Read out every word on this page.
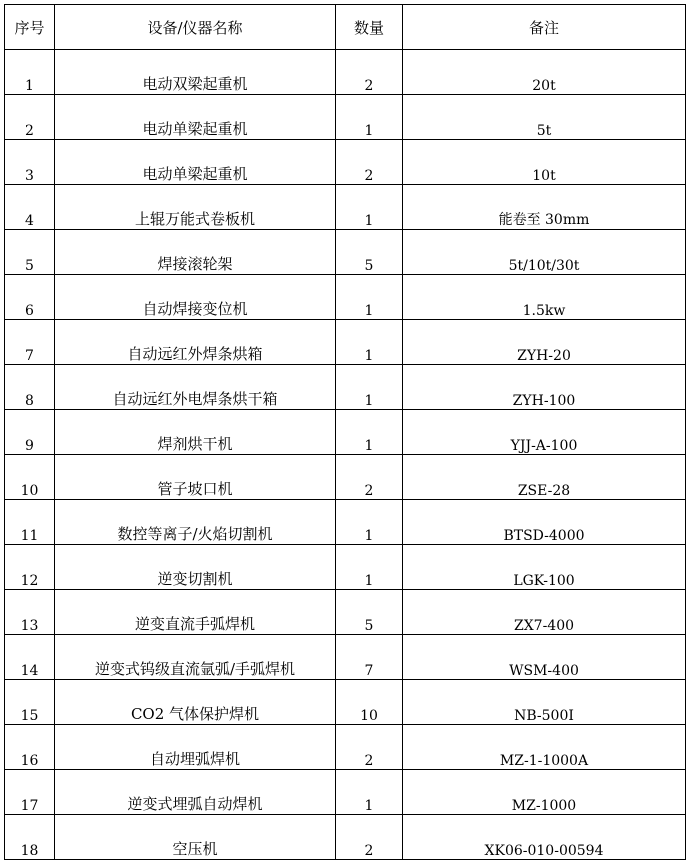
序号	设备/仪器名称	数量	备注
1	电动双梁起重机	2	20t
2	电动单梁起重机	1	5t
3	电动单梁起重机	2	10t
4	上辊万能式卷板机	1	能卷至 30mm
5	焊接滚轮架	5	5t/10t/30t
6	自动焊接变位机	1	1.5kw
7	自动远红外焊条烘箱	1	ZYH-20
8	自动远红外电焊条烘干箱	1	ZYH-100
9	焊剂烘干机	1	YJJ-A-100
10	管子坡口机	2	ZSE-28
11	数控等离子/火焰切割机	1	BTSD-4000
12	逆变切割机	1	LGK-100
13	逆变直流手弧焊机	5	ZX7-400
14	逆变式钨级直流氩弧/手弧焊机	7	WSM-400
15	CO2 气体保护焊机	10	NB-500I
16	自动埋弧焊机	2	MZ-1-1000A
17	逆变式埋弧自动焊机	1	MZ-1000
18	空压机	2	XK06-010-00594
